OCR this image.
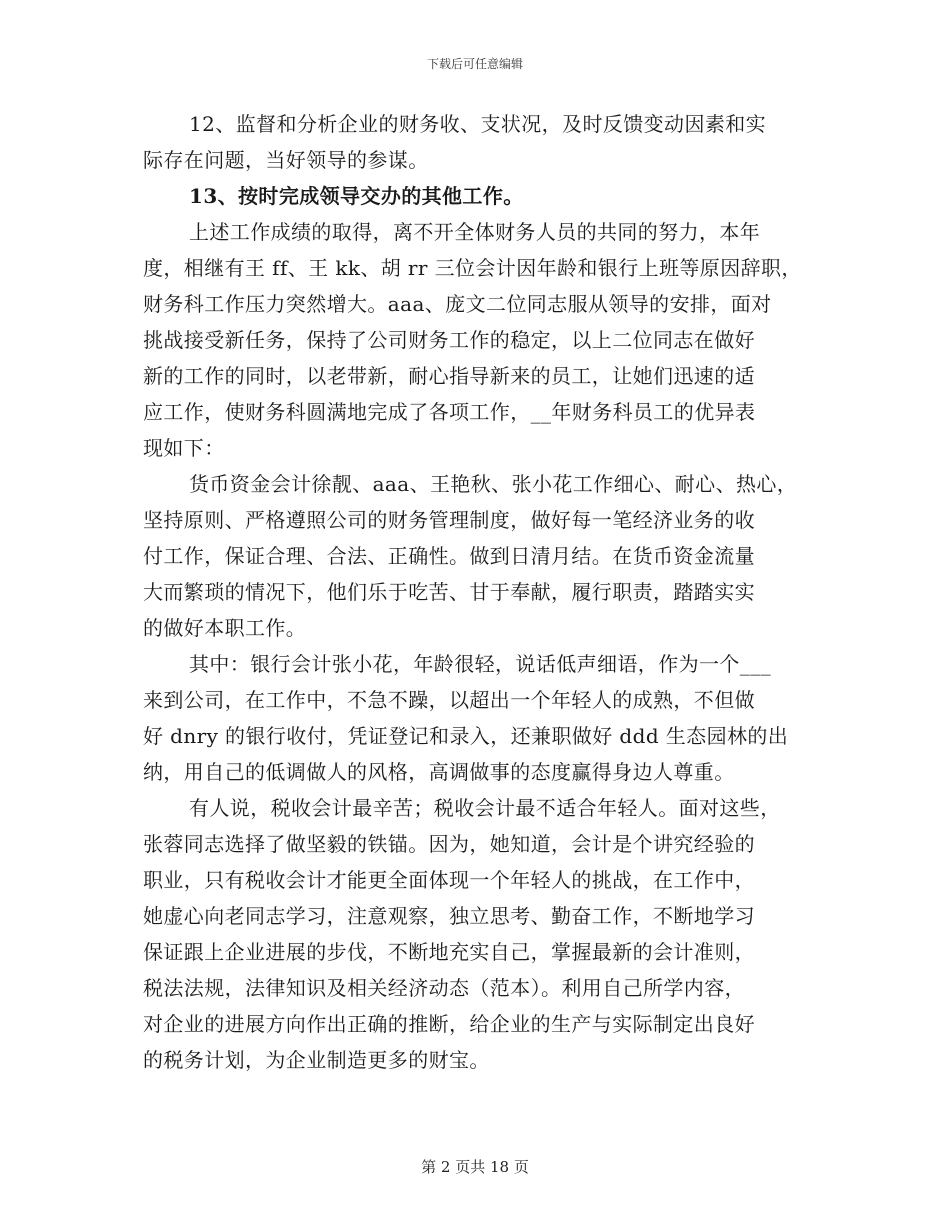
下载后可任意编辑
12、监督和分析企业的财务收、支状况，及时反馈变动因素和实
际存在问题，当好领导的参谋。
13、按时完成领导交办的其他工作。
上述工作成绩的取得，离不开全体财务人员的共同的努力，本年
度，相继有王 ff、王 kk、胡 rr 三位会计因年龄和银行上班等原因辞职，
财务科工作压力突然增大。aaa、庞文二位同志服从领导的安排，面对
挑战接受新任务，保持了公司财务工作的稳定，以上二位同志在做好
新的工作的同时，以老带新，耐心指导新来的员工，让她们迅速的适
应工作，使财务科圆满地完成了各项工作，__年财务科员工的优异表
现如下：
货币资金会计徐靓、aaa、王艳秋、张小花工作细心、耐心、热心，
坚持原则、严格遵照公司的财务管理制度，做好每一笔经济业务的收
付工作，保证合理、合法、正确性。做到日清月结。在货币资金流量
大而繁琐的情况下，他们乐于吃苦、甘于奉献，履行职责，踏踏实实
的做好本职工作。
其中：银行会计张小花，年龄很轻，说话低声细语，作为一个___
来到公司，在工作中，不急不躁，以超出一个年轻人的成熟，不但做
好 dnry 的银行收付，凭证登记和录入，还兼职做好 ddd 生态园林的出
纳，用自己的低调做人的风格，高调做事的态度赢得身边人尊重。
有人说，税收会计最辛苦；税收会计最不适合年轻人。面对这些，
张蓉同志选择了做坚毅的铁锚。因为，她知道，会计是个讲究经验的
职业，只有税收会计才能更全面体现一个年轻人的挑战，在工作中，
她虚心向老同志学习，注意观察，独立思考、勤奋工作，不断地学习
保证跟上企业进展的步伐，不断地充实自己，掌握最新的会计准则，
税法法规，法律知识及相关经济动态（范本）。利用自己所学内容，
对企业的进展方向作出正确的推断，给企业的生产与实际制定出良好
的税务计划，为企业制造更多的财宝。
第 2 页共 18 页
